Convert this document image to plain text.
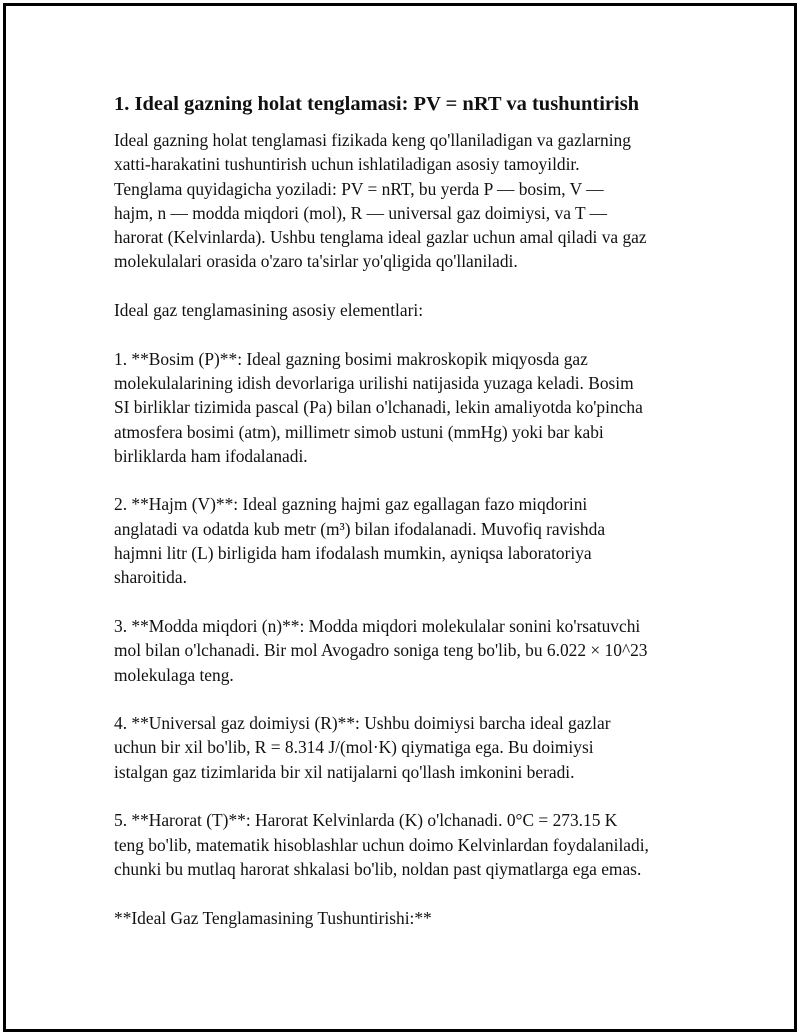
1. Ideal gazning holat tenglamasi: PV = nRT va tushuntirish

Ideal gazning holat tenglamasi fizikada keng qo'llaniladigan va gazlarning
xatti-harakatini tushuntirish uchun ishlatiladigan asosiy tamoyildir.
Tenglama quyidagicha yoziladi: PV = nRT, bu yerda P — bosim, V —
hajm, n — modda miqdori (mol), R — universal gaz doimiysi, va T —
harorat (Kelvinlarda). Ushbu tenglama ideal gazlar uchun amal qiladi va gaz
molekulalari orasida o'zaro ta'sirlar yo'qligida qo'llaniladi.

Ideal gaz tenglamasining asosiy elementlari:

1. **Bosim (P)**: Ideal gazning bosimi makroskopik miqyosda gaz
molekulalarining idish devorlariga urilishi natijasida yuzaga keladi. Bosim
SI birliklar tizimida pascal (Pa) bilan o'lchanadi, lekin amaliyotda ko'pincha
atmosfera bosimi (atm), millimetr simob ustuni (mmHg) yoki bar kabi
birliklarda ham ifodalanadi.

2. **Hajm (V)**: Ideal gazning hajmi gaz egallagan fazo miqdorini
anglatadi va odatda kub metr (m³) bilan ifodalanadi. Muvofiq ravishda
hajmni litr (L) birligida ham ifodalash mumkin, ayniqsa laboratoriya
sharoitida.

3. **Modda miqdori (n)**: Modda miqdori molekulalar sonini ko'rsatuvchi
mol bilan o'lchanadi. Bir mol Avogadro soniga teng bo'lib, bu 6.022 × 10^23
molekulaga teng.

4. **Universal gaz doimiysi (R)**: Ushbu doimiysi barcha ideal gazlar
uchun bir xil bo'lib, R = 8.314 J/(mol·K) qiymatiga ega. Bu doimiysi
istalgan gaz tizimlarida bir xil natijalarni qo'llash imkonini beradi.

5. **Harorat (T)**: Harorat Kelvinlarda (K) o'lchanadi. 0°C = 273.15 K
teng bo'lib, matematik hisoblashlar uchun doimo Kelvinlardan foydalaniladi,
chunki bu mutlaq harorat shkalasi bo'lib, noldan past qiymatlarga ega emas.

**Ideal Gaz Tenglamasining Tushuntirishi:**
